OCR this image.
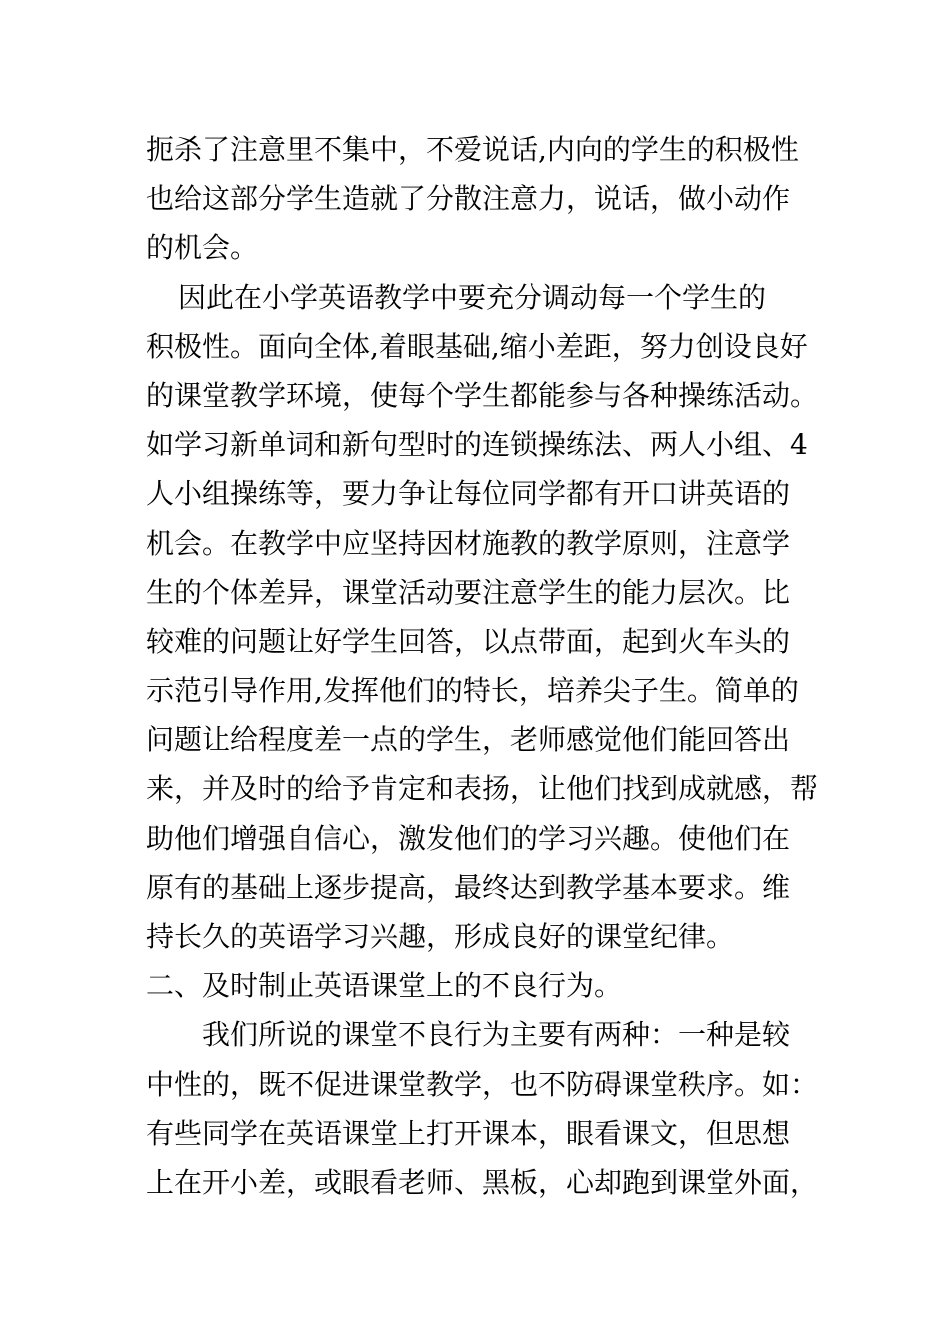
扼杀了注意里不集中，不爱说话,内向的学生的积极性
也给这部分学生造就了分散注意力，说话，做小动作
的机会。
因此在小学英语教学中要充分调动每一个学生的
积极性。面向全体,着眼基础,缩小差距，努力创设良好
的课堂教学环境，使每个学生都能参与各种操练活动。
如学习新单词和新句型时的连锁操练法、两人小组、4
人小组操练等，要力争让每位同学都有开口讲英语的
机会。在教学中应坚持因材施教的教学原则，注意学
生的个体差异，课堂活动要注意学生的能力层次。比
较难的问题让好学生回答，以点带面，起到火车头的
示范引导作用,发挥他们的特长，培养尖子生。简单的
问题让给程度差一点的学生，老师感觉他们能回答出
来，并及时的给予肯定和表扬，让他们找到成就感，帮
助他们增强自信心，激发他们的学习兴趣。使他们在
原有的基础上逐步提高，最终达到教学基本要求。维
持长久的英语学习兴趣，形成良好的课堂纪律。
二、及时制止英语课堂上的不良行为。
我们所说的课堂不良行为主要有两种：一种是较
中性的，既不促进课堂教学，也不防碍课堂秩序。如：
有些同学在英语课堂上打开课本，眼看课文，但思想
上在开小差，或眼看老师、黑板，心却跑到课堂外面，
